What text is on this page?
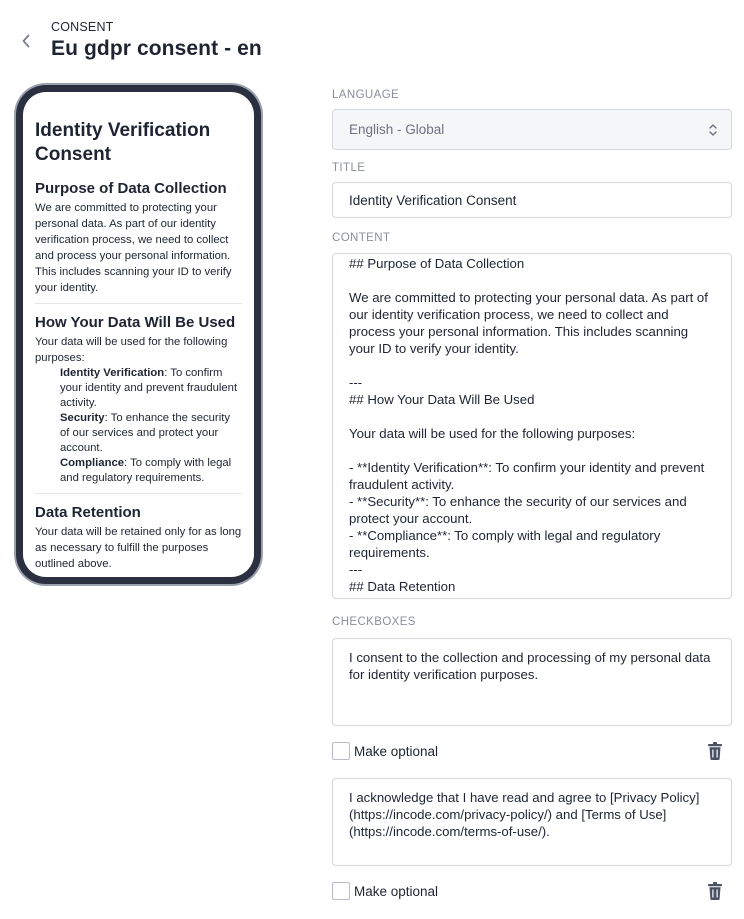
CONSENT
Eu gdpr consent - en
Identity Verification Consent
Purpose of Data Collection
We are committed to protecting your personal data. As part of our identity verification process, we need to collect and process your personal information. This includes scanning your ID to verify your identity.
How Your Data Will Be Used
Your data will be used for the following purposes:
Identity Verification: To confirm your identity and prevent fraudulent activity.
Security: To enhance the security of our services and protect your account.
Compliance: To comply with legal and regulatory requirements.
Data Retention
Your data will be retained only for as long as necessary to fulfill the purposes outlined above.
LANGUAGE
English - Global
TITLE
Identity Verification Consent
CONTENT
## Purpose of Data Collection

We are committed to protecting your personal data. As part of our identity verification process, we need to collect and process your personal information. This includes scanning your ID to verify your identity.

---
## How Your Data Will Be Used

Your data will be used for the following purposes:

- **Identity Verification**: To confirm your identity and prevent fraudulent activity.
- **Security**: To enhance the security of our services and protect your account.
- **Compliance**: To comply with legal and regulatory requirements.
---
## Data Retention
CHECKBOXES
I consent to the collection and processing of my personal data for identity verification purposes.
Make optional
I acknowledge that I have read and agree to [Privacy Policy](https://incode.com/privacy-policy/) and [Terms of Use](https://incode.com/terms-of-use/).
Make optional
